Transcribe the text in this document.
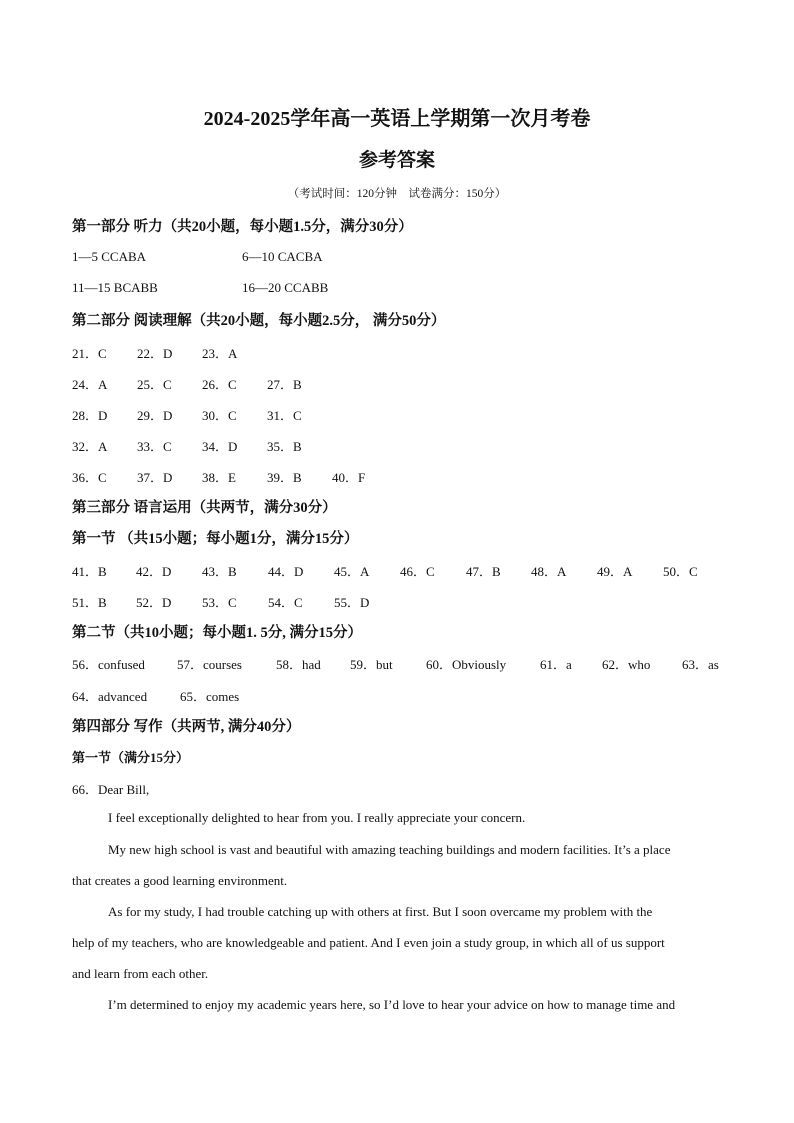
2024-2025学年高一英语上学期第一次月考卷
参考答案
（考试时间：120分钟　试卷满分：150分）
第一部分 听力（共20小题，每小题1.5分，满分30分）
1—5 CCABA	6—10 CACBA
11—15 BCABB	16—20 CCABB
第二部分 阅读理解（共20小题，每小题2.5分， 满分50分）
21．C 22．D 23．A
24．A 25．C 26．C 27．B
28．D 29．D 30．C 31．C
32．A 33．C 34．D 35．B
36．C 37．D 38．E 39．B 40．F
第三部分 语言运用（共两节，满分30分）
第一节 （共15小题；每小题1分，满分15分）
41．B 42．D 43．B 44．D 45．A 46．C 47．B 48．A 49．A 50．C
51．B 52．D 53．C 54．C 55．D
第二节（共10小题；每小题1. 5分, 满分15分）
56．confused 57．courses	58．had 59．but	60．Obviously	61．a 62．who 63．as
64．advanced	65．comes
第四部分 写作（共两节, 满分40分）
第一节（满分15分）
66．Dear Bill,
I feel exceptionally delighted to hear from you. I really appreciate your concern.
My new high school is vast and beautiful with amazing teaching buildings and modern facilities. It’s a place
that creates a good learning environment.
As for my study, I had trouble catching up with others at first. But I soon overcame my problem with the
help of my teachers, who are knowledgeable and patient. And I even join a study group, in which all of us support
and learn from each other.
I’m determined to enjoy my academic years here, so I’d love to hear your advice on how to manage time and
